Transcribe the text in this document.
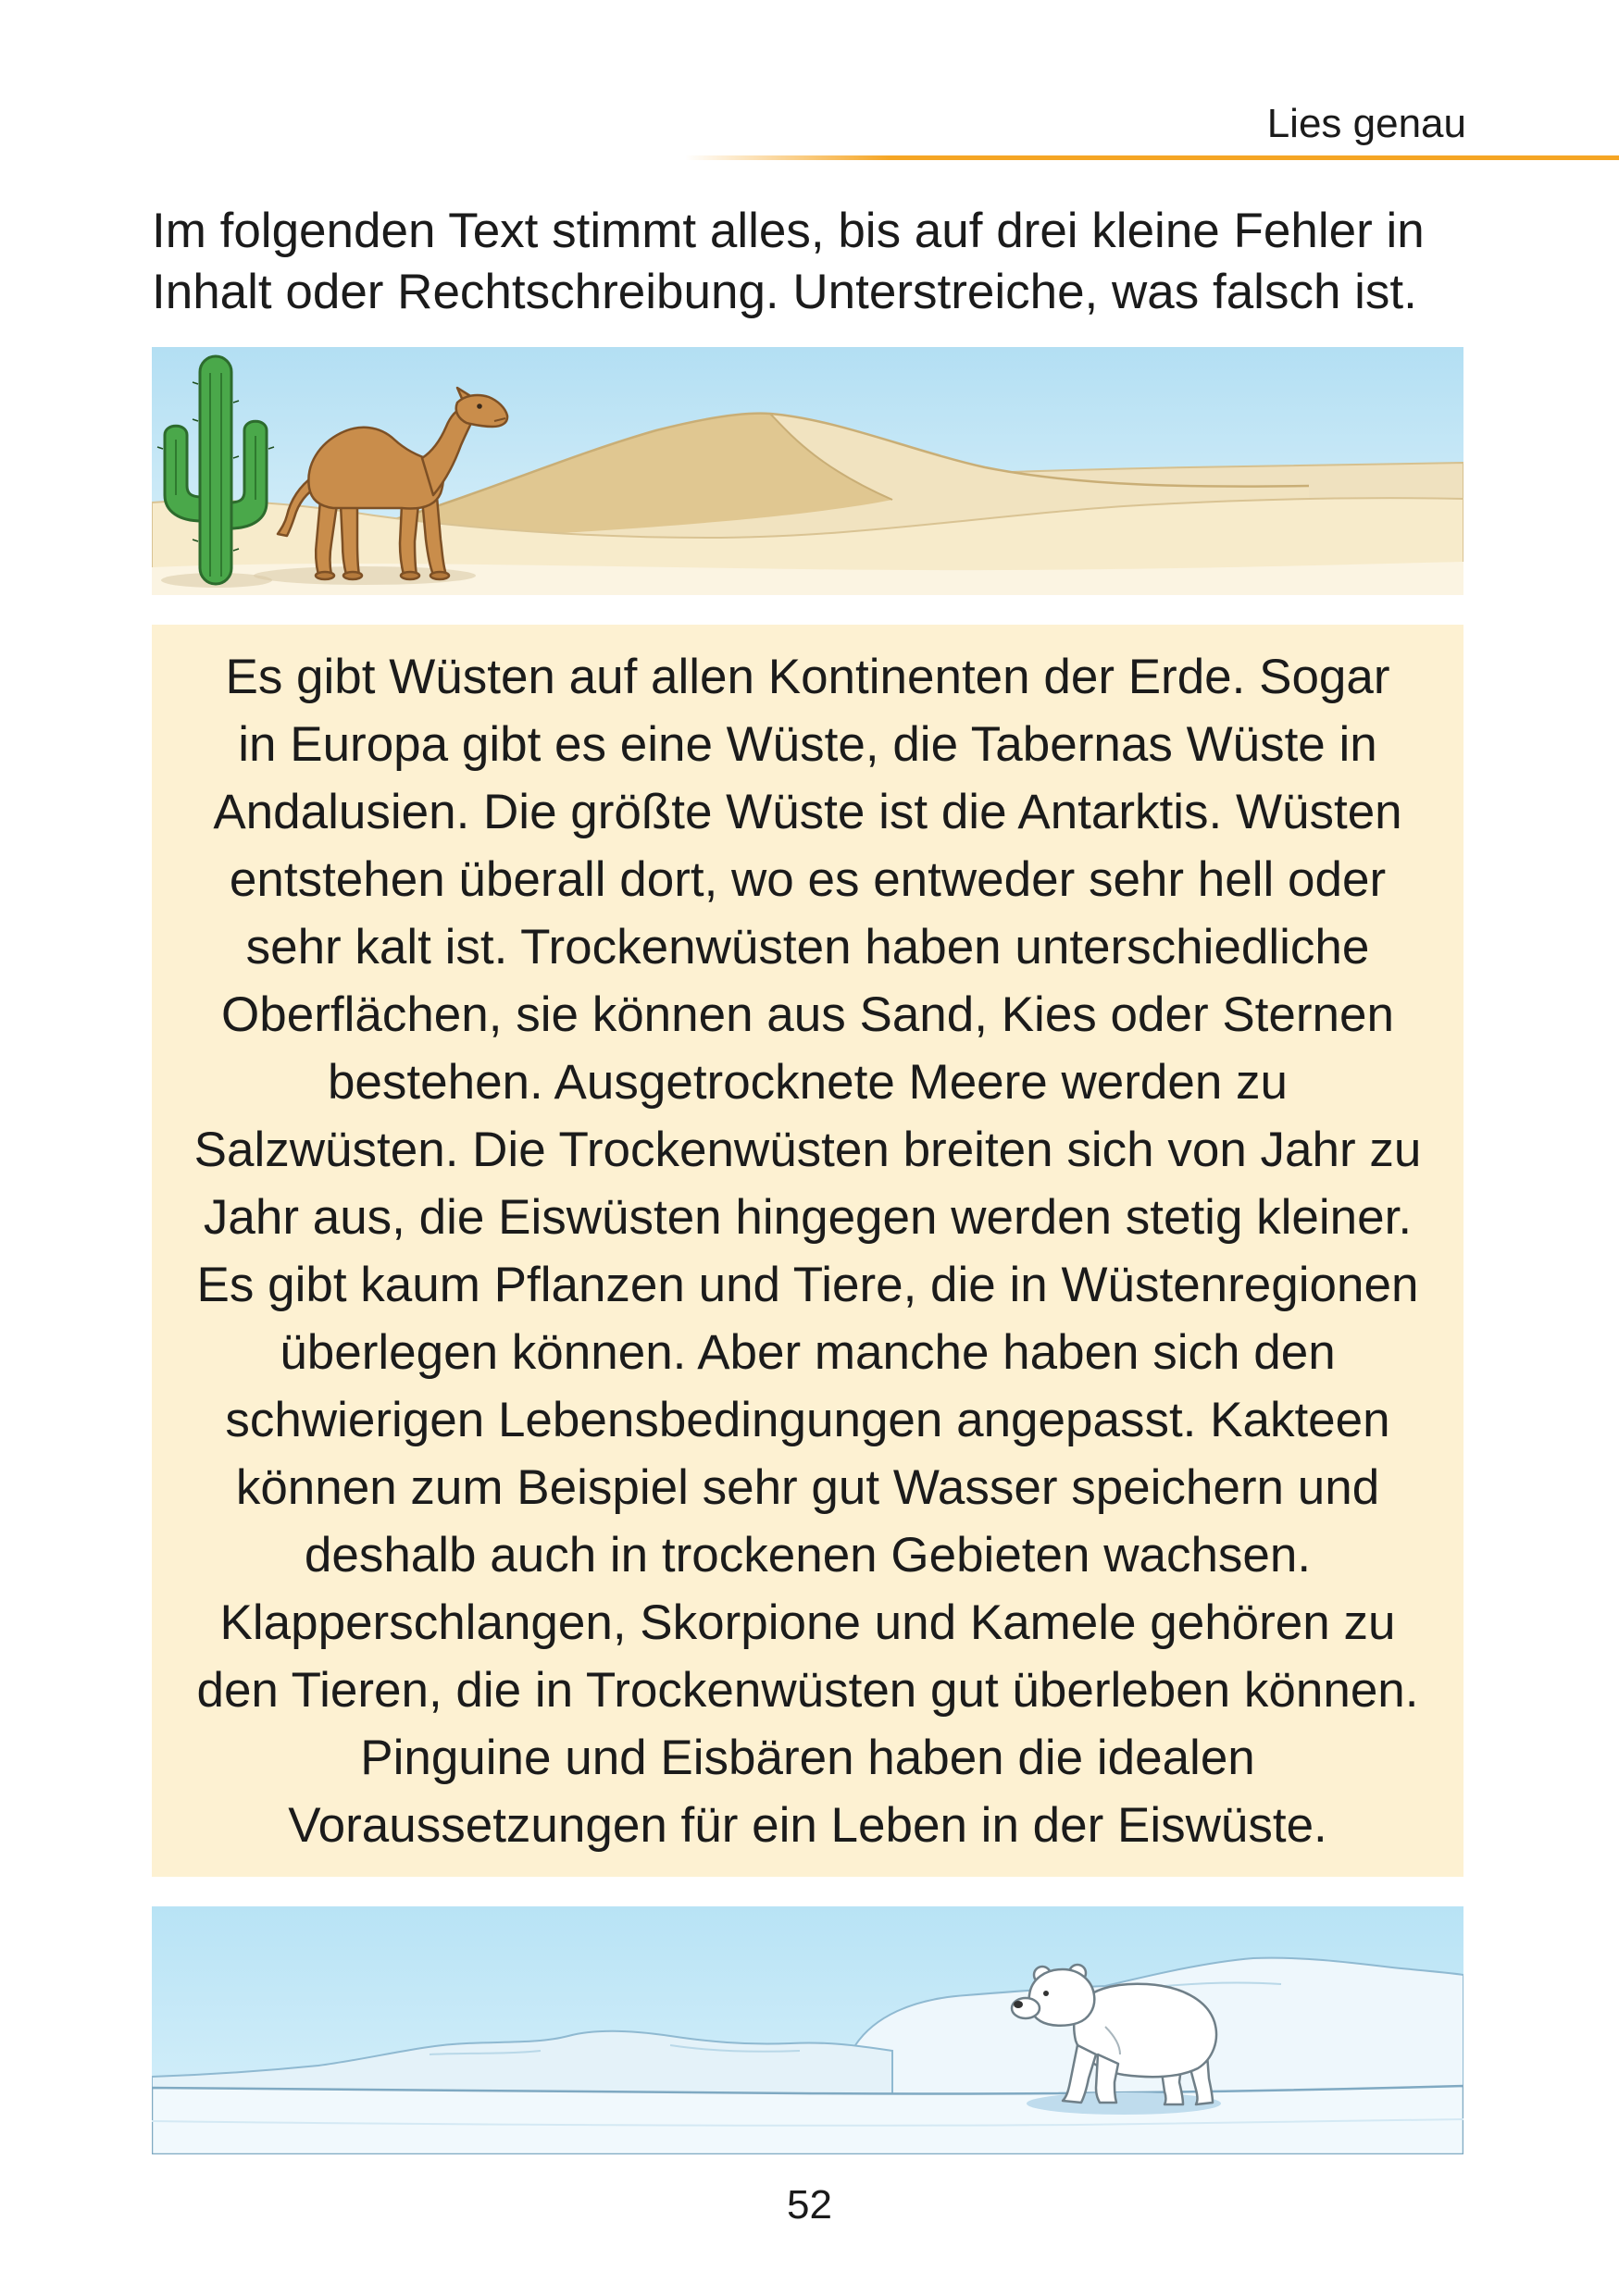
Lies genau
Im folgenden Text stimmt alles, bis auf drei kleine Fehler in
Inhalt oder Rechtschreibung. Unterstreiche, was falsch ist.
Es gibt Wüsten auf allen Kontinenten der Erde. Sogar
in Europa gibt es eine Wüste, die Tabernas Wüste in
Andalusien. Die größte Wüste ist die Antarktis. Wüsten
entstehen überall dort, wo es entweder sehr hell oder
sehr kalt ist. Trockenwüsten haben unterschiedliche
Oberflächen, sie können aus Sand, Kies oder Sternen
bestehen. Ausgetrocknete Meere werden zu
Salzwüsten. Die Trockenwüsten breiten sich von Jahr zu
Jahr aus, die Eiswüsten hingegen werden stetig kleiner.
Es gibt kaum Pflanzen und Tiere, die in Wüstenregionen
überlegen können. Aber manche haben sich den
schwierigen Lebensbedingungen angepasst. Kakteen
können zum Beispiel sehr gut Wasser speichern und
deshalb auch in trockenen Gebieten wachsen.
Klapperschlangen, Skorpione und Kamele gehören zu
den Tieren, die in Trockenwüsten gut überleben können.
Pinguine und Eisbären haben die idealen
Voraussetzungen für ein Leben in der Eiswüste.
52
